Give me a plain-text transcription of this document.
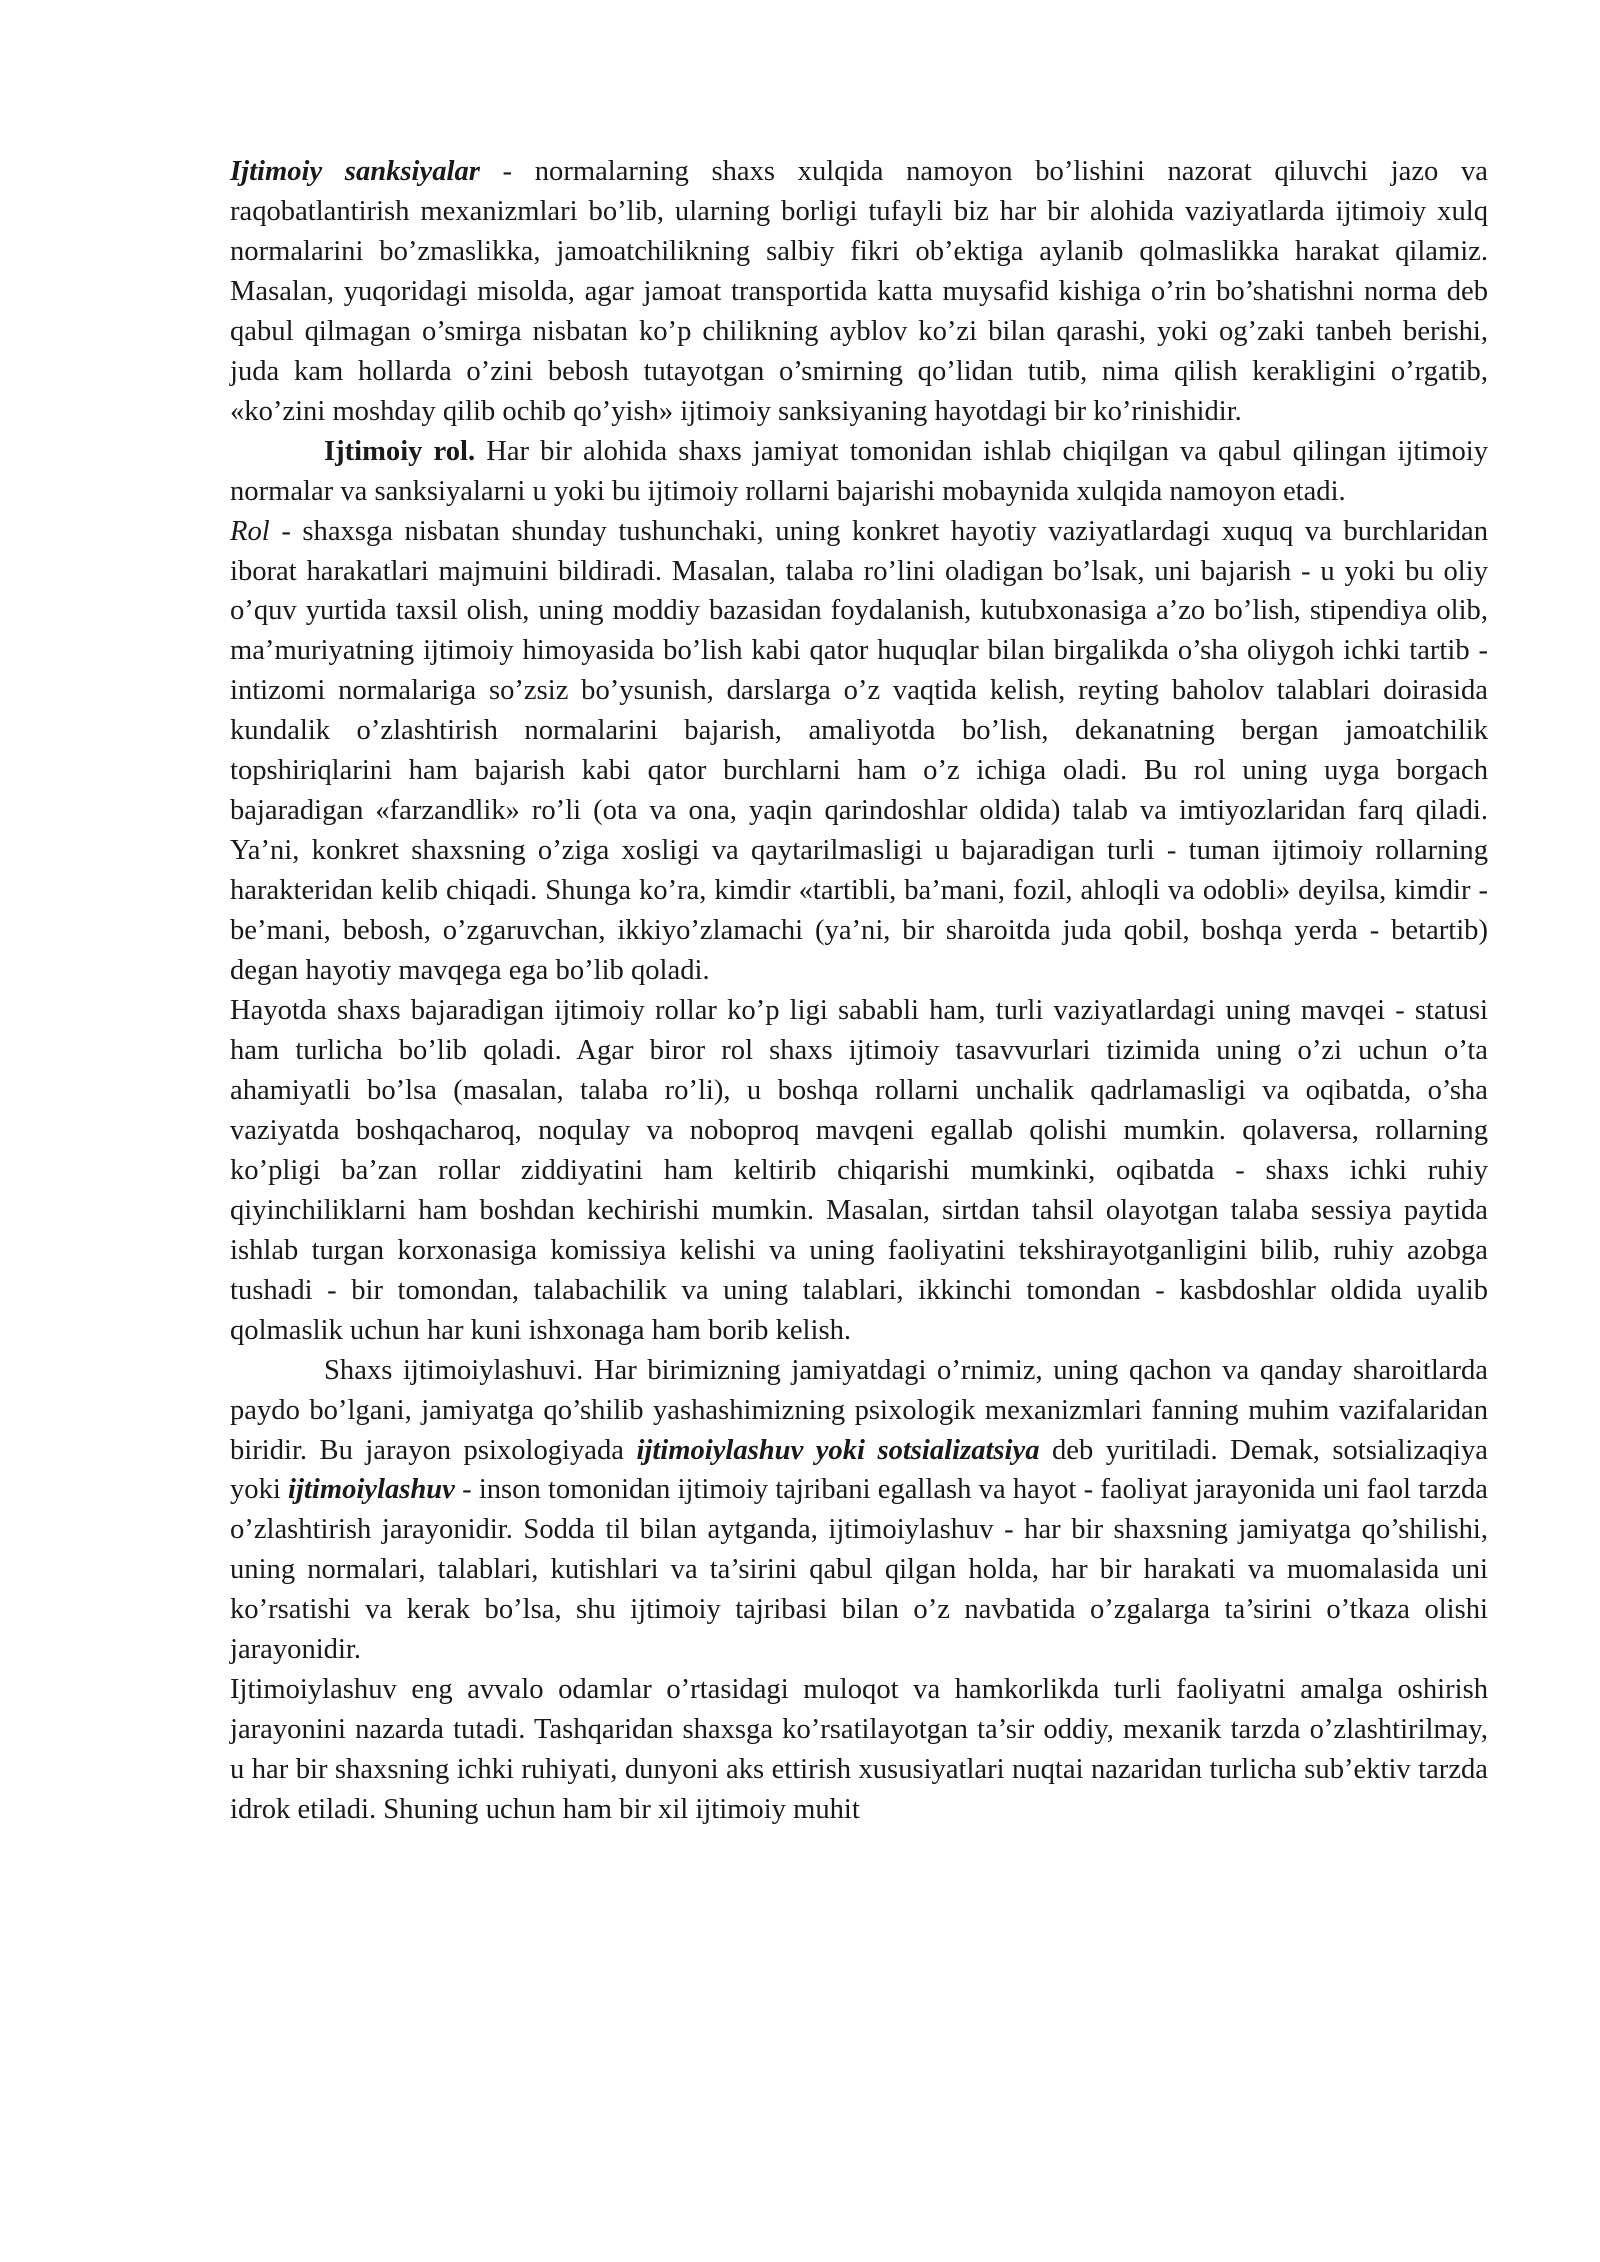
Ijtimoiy sanksiyalar - normalarning shaxs xulqida namoyon bo’lishini nazorat qiluvchi jazo va raqobatlantirish mexanizmlari bo’lib, ularning borligi tufayli biz har bir alohida vaziyatlarda ijtimoiy xulq normalarini bo’zmaslikka, jamoatchilikning salbiy fikri ob’ektiga aylanib qolmaslikka harakat qilamiz. Masalan, yuqoridagi misolda, agar jamoat transportida katta muysafid kishiga o’rin bo’shatishni norma deb qabul qilmagan o’smirga nisbatan ko’p chilikning ayblov ko’zi bilan qarashi, yoki og’zaki tanbeh berishi, juda kam hollarda o’zini bebosh tutayotgan o’smirning qo’lidan tutib, nima qilish kerakligini o’rgatib, «ko’zini moshday qilib ochib qo’yish» ijtimoiy sanksiyaning hayotdagi bir ko’rinishidir.

Ijtimoiy rol. Har bir alohida shaxs jamiyat tomonidan ishlab chiqilgan va qabul qilingan ijtimoiy normalar va sanksiyalarni u yoki bu ijtimoiy rollarni bajarishi mobaynida xulqida namoyon etadi.

Rol - shaxsga nisbatan shunday tushunchaki, uning konkret hayotiy vaziyatlardagi xuquq va burchlaridan iborat harakatlari majmuini bildiradi. Masalan, talaba ro’lini oladigan bo’lsak, uni bajarish - u yoki bu oliy o’quv yurtida taxsil olish, uning moddiy bazasidan foydalanish, kutubxonasiga a’zo bo’lish, stipendiya olib, ma’muriyatning ijtimoiy himoyasida bo’lish kabi qator huquqlar bilan birgalikda o’sha oliygoh ichki tartib - intizomi normalariga so’zsiz bo’ysunish, darslarga o’z vaqtida kelish, reyting baholov talablari doirasida kundalik o’zlashtirish normalarini bajarish, amaliyotda bo’lish, dekanatning bergan jamoatchilik topshiriqlarini ham bajarish kabi qator burchlarni ham o’z ichiga oladi. Bu rol uning uyga borgach bajaradigan «farzandlik» ro’li (ota va ona, yaqin qarindoshlar oldida) talab va imtiyozlaridan farq qiladi. Ya’ni, konkret shaxsning o’ziga xosligi va qaytarilmasligi u bajaradigan turli - tuman ijtimoiy rollarning harakteridan kelib chiqadi. Shunga ko’ra, kimdir «tartibli, ba’mani, fozil, ahloqli va odobli» deyilsa, kimdir - be’mani, bebosh, o’zgaruvchan, ikkiyo’zlamachi (ya’ni, bir sharoitda juda qobil, boshqa yerda - betartib) degan hayotiy mavqega ega bo’lib qoladi.

Hayotda shaxs bajaradigan ijtimoiy rollar ko’p ligi sababli ham, turli vaziyatlardagi uning mavqei - statusi ham turlicha bo’lib qoladi. Agar biror rol shaxs ijtimoiy tasavvurlari tizimida uning o’zi uchun o’ta ahamiyatli bo’lsa (masalan, talaba ro’li), u boshqa rollarni unchalik qadrlamasligi va oqibatda, o’sha vaziyatda boshqacharoq, noqulay va noboproq mavqeni egallab qolishi mumkin. qolaversa, rollarning ko’pligi ba’zan rollar ziddiyatini ham keltirib chiqarishi mumkinki, oqibatda - shaxs ichki ruhiy qiyinchiliklarni ham boshdan kechirishi mumkin. Masalan, sirtdan tahsil olayotgan talaba sessiya paytida ishlab turgan korxonasiga komissiya kelishi va uning faoliyatini tekshirayotganligini bilib, ruhiy azobga tushadi - bir tomondan, talabachilik va uning talablari, ikkinchi tomondan - kasbdoshlar oldida uyalib qolmaslik uchun har kuni ishxonaga ham borib kelish.

Shaxs ijtimoiylashuvi. Har birimizning jamiyatdagi o’rnimiz, uning qachon va qanday sharoitlarda paydo bo’lgani, jamiyatga qo’shilib yashashimizning psixologik mexanizmlari fanning muhim vazifalaridan biridir. Bu jarayon psixologiyada ijtimoiylashuv yoki sotsializatsiya deb yuritiladi. Demak, sotsializaqiya yoki ijtimoiylashuv - inson tomonidan ijtimoiy tajribani egallash va hayot - faoliyat jarayonida uni faol tarzda o’zlashtirish jarayonidir. Sodda til bilan aytganda, ijtimoiylashuv - har bir shaxsning jamiyatga qo’shilishi, uning normalari, talablari, kutishlari va ta’sirini qabul qilgan holda, har bir harakati va muomalasida uni ko’rsatishi va kerak bo’lsa, shu ijtimoiy tajribasi bilan o’z navbatida o’zgalarga ta’sirini o’tkaza olishi jarayonidir.

Ijtimoiylashuv eng avvalo odamlar o’rtasidagi muloqot va hamkorlikda turli faoliyatni amalga oshirish jarayonini nazarda tutadi. Tashqaridan shaxsga ko’rsatilayotgan ta’sir oddiy, mexanik tarzda o’zlashtirilmay, u har bir shaxsning ichki ruhiyati, dunyoni aks ettirish xususiyatlari nuqtai nazaridan turlicha sub’ektiv tarzda idrok etiladi. Shuning uchun ham bir xil ijtimoiy muhit
